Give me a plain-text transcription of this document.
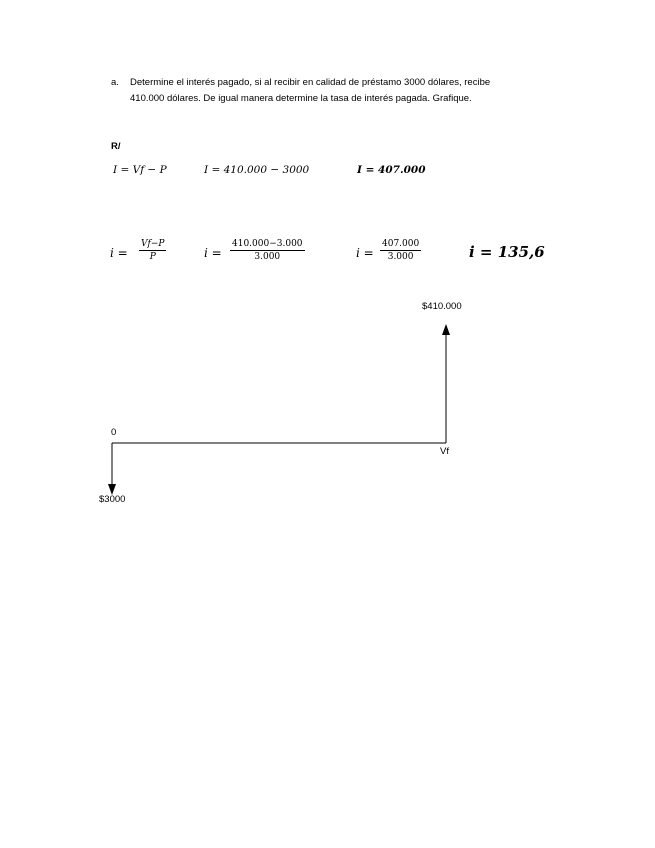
a. Determine el interés pagado, si al recibir en calidad de préstamo 3000 dólares, recibe
410.000 dólares. De igual manera determine la tasa de interés pagada. Grafique.
R/
I = Vf − P	I = 410.000 − 3000	I = 407.000
$i = \frac{Vf-P}{P}$	$i = \frac{410.000-3.000}{3.000}$	$i = \frac{407.000}{3.000}$	i = 135,6
$410.000
0
Vf
$3000
